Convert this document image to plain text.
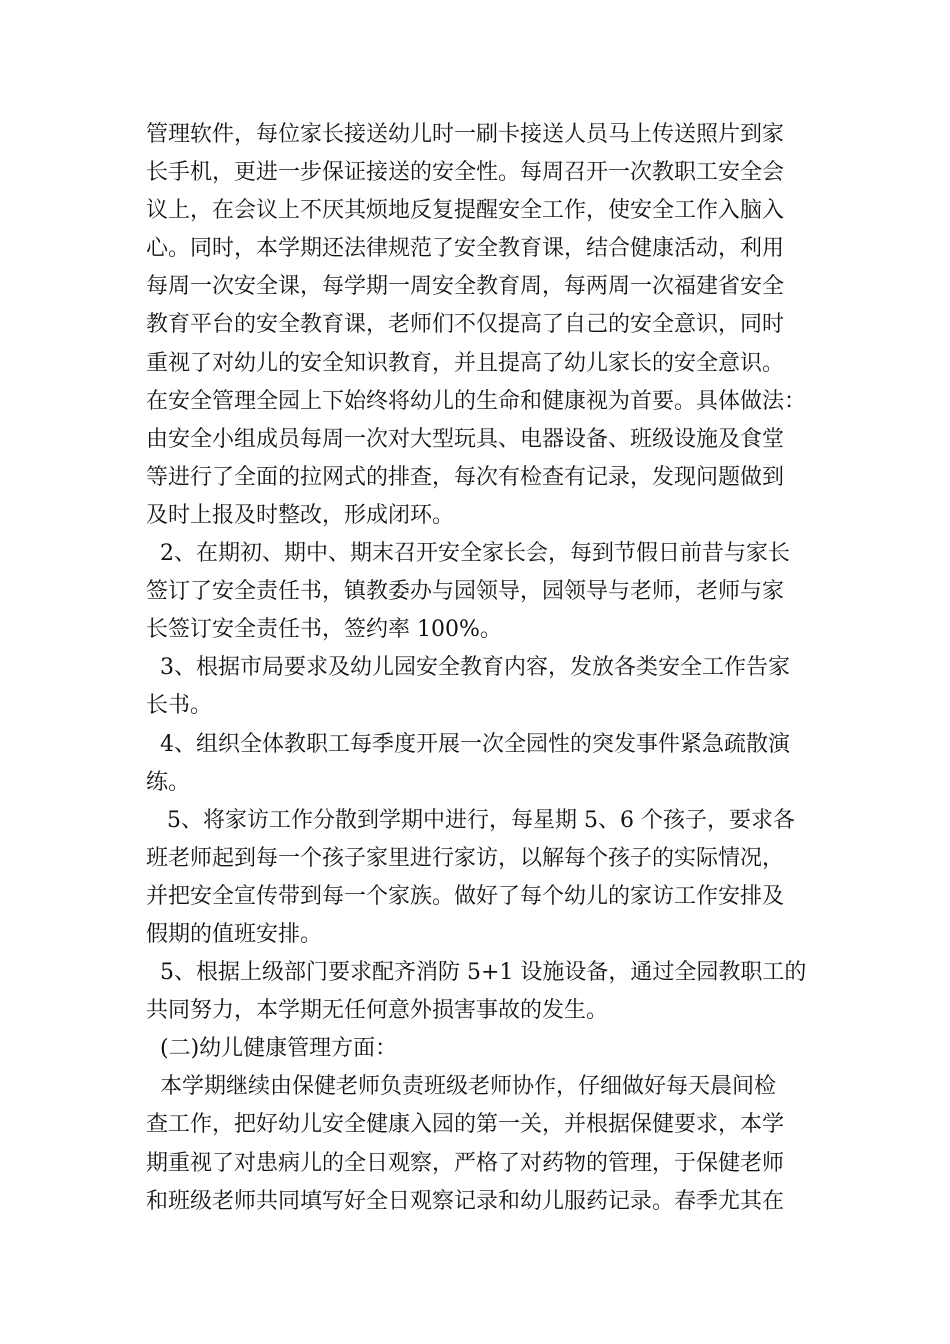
管理软件，每位家长接送幼儿时一刷卡接送人员马上传送照片到家
长手机，更进一步保证接送的安全性。每周召开一次教职工安全会
议上，在会议上不厌其烦地反复提醒安全工作，使安全工作入脑入
心。同时，本学期还法律规范了安全教育课，结合健康活动，利用
每周一次安全课，每学期一周安全教育周，每两周一次福建省安全
教育平台的安全教育课，老师们不仅提高了自己的安全意识，同时
重视了对幼儿的安全知识教育，并且提高了幼儿家长的安全意识。
在安全管理全园上下始终将幼儿的生命和健康视为首要。具体做法：
由安全小组成员每周一次对大型玩具、电器设备、班级设施及食堂
等进行了全面的拉网式的排查，每次有检查有记录，发现问题做到
及时上报及时整改，形成闭环。
2、在期初、期中、期末召开安全家长会，每到节假日前昔与家长
签订了安全责任书，镇教委办与园领导，园领导与老师，老师与家
长签订安全责任书，签约率 100%。
3、根据市局要求及幼儿园安全教育内容，发放各类安全工作告家
长书。
4、组织全体教职工每季度开展一次全园性的突发事件紧急疏散演
练。
5、将家访工作分散到学期中进行，每星期 5、6 个孩子，要求各
班老师起到每一个孩子家里进行家访，以解每个孩子的实际情况，
并把安全宣传带到每一个家族。做好了每个幼儿的家访工作安排及
假期的值班安排。
5、根据上级部门要求配齐消防 5+1 设施设备，通过全园教职工的
共同努力，本学期无任何意外损害事故的发生。
(二)幼儿健康管理方面：
本学期继续由保健老师负责班级老师协作，仔细做好每天晨间检
查工作，把好幼儿安全健康入园的第一关，并根据保健要求，本学
期重视了对患病儿的全日观察，严格了对药物的管理，于保健老师
和班级老师共同填写好全日观察记录和幼儿服药记录。春季尤其在
